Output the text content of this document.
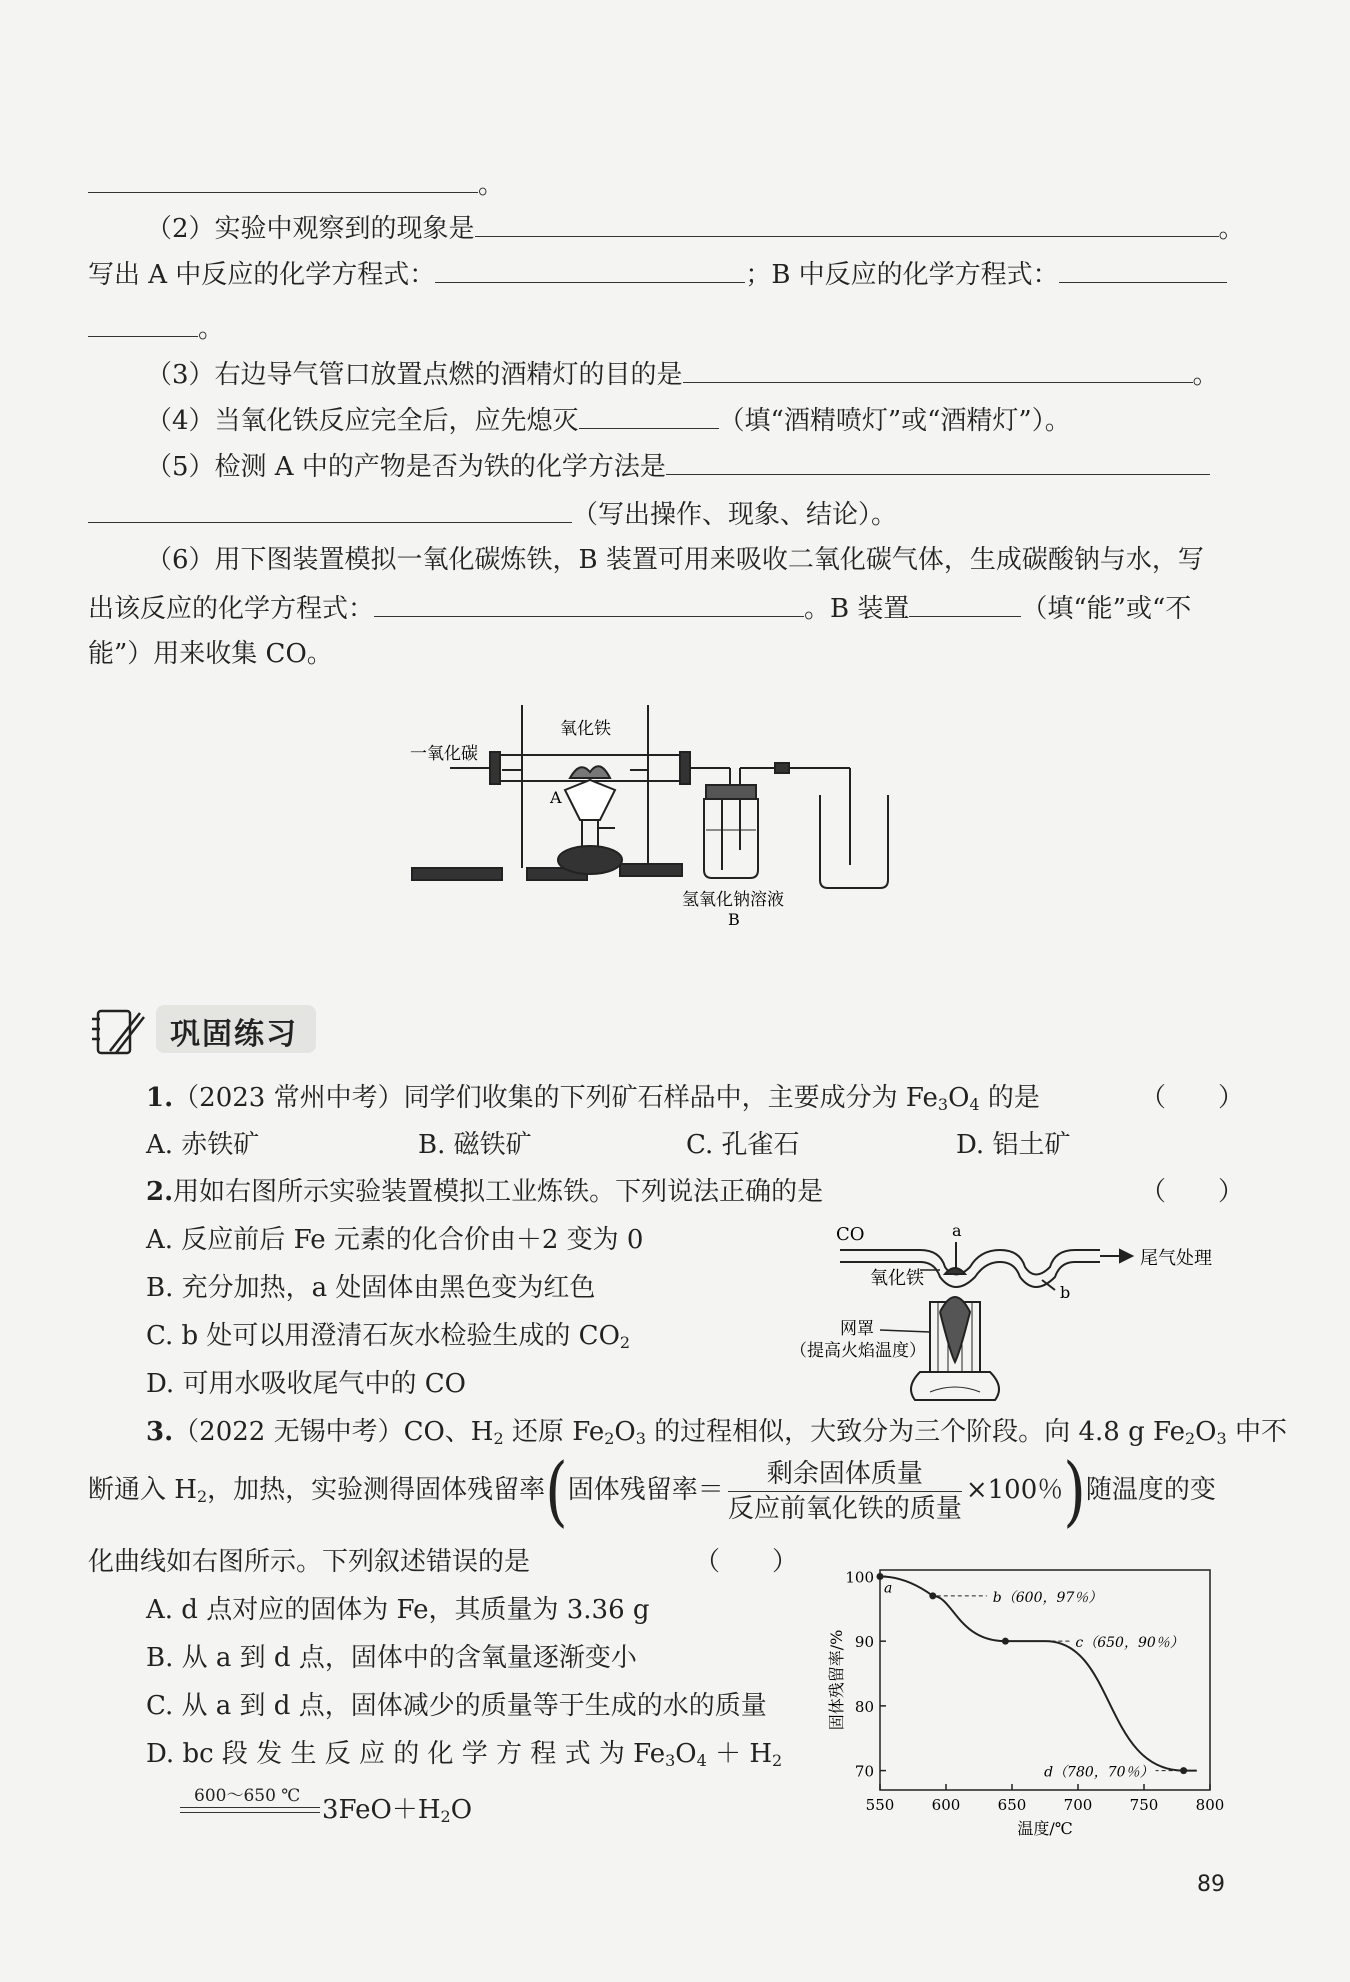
。
（2）实验中观察到的现象是	。
写出 A 中反应的化学方程式：	；B 中反应的化学方程式：
。
（3）右边导气管口放置点燃的酒精灯的目的是	。
（4）当氧化铁反应完全后，应先熄灭	（填“酒精喷灯”或“酒精灯”）。
（5）检测 A 中的产物是否为铁的化学方法是
（写出操作、现象、结论）。
（6）用下图装置模拟一氧化碳炼铁，B 装置可用来吸收二氧化碳气体，生成碳酸钠与水，写
出该反应的化学方程式：	。B 装置	（填“能”或“不
能”）用来收集 CO。
一氧化碳
氧化铁
A
氢氧化钠溶液
B
巩固练习
1.（2023 常州中考）同学们收集的下列矿石样品中，主要成分为 $Fe_3O_4$ 的是	（　　）
A. 赤铁矿	B. 磁铁矿	C. 孔雀石	D. 铝土矿
2.用如右图所示实验装置模拟工业炼铁。下列说法正确的是	（　　）
A. 反应前后 Fe 元素的化合价由＋2 变为 0
B. 充分加热，a 处固体由黑色变为红色
C. b 处可以用澄清石灰水检验生成的 $CO_2$
D. 可用水吸收尾气中的 CO
CO	a
尾气处理
氧化铁
b
网罩
（提高火焰温度）
3.（2022 无锡中考）CO、$H_2$ 还原 $Fe_2O_3$ 的过程相似，大致分为三个阶段。向 4.8 g $Fe_2O_3$ 中不
断通入 $H_2$，加热，实验测得固体残留率(固体残留率＝ $\frac{\text{剩余固体质量}}{\text{反应前氧化铁的质量}} \times 100$％)随温度的变
化曲线如右图所示。下列叙述错误的是	（　　）
A. d 点对应的固体为 Fe，其质量为 3.36 g
B. 从 a 到 d 点，固体中的含氧量逐渐变小
C. 从 a 到 d 点，固体减少的质量等于生成的水的质量
D. bc 段 发 生 反 应 的 化 学 方 程 式 为 $Fe_3O_4 + H_2$
600～650 ℃ $3FeO+H_2O$
70
80
90
100
550 600 650 700 750 800
a
b（600，97％）
c（650，90％）
d（780，70％）
温度/℃
固体残留率/%
89
